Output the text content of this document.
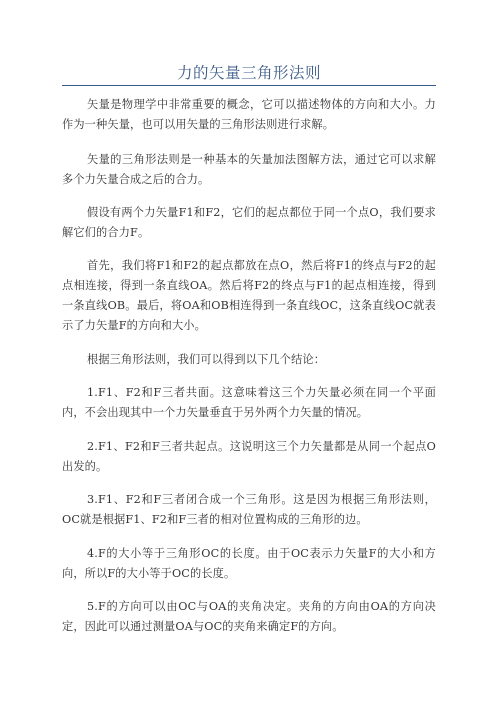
力的矢量三角形法则

矢量是物理学中非常重要的概念，它可以描述物体的方向和大小。力作为一种矢量，也可以用矢量的三角形法则进行求解。

矢量的三角形法则是一种基本的矢量加法图解方法，通过它可以求解多个力矢量合成之后的合力。

假设有两个力矢量F1和F2，它们的起点都位于同一个点O，我们要求解它们的合力F。

首先，我们将F1和F2的起点都放在点O，然后将F1的终点与F2的起点相连接，得到一条直线OA。然后将F2的终点与F1的起点相连接，得到一条直线OB。最后，将OA和OB相连得到一条直线OC，这条直线OC就表示了力矢量F的方向和大小。

根据三角形法则，我们可以得到以下几个结论：

1.F1、F2和F三者共面。这意味着这三个力矢量必须在同一个平面内，不会出现其中一个力矢量垂直于另外两个力矢量的情况。

2.F1、F2和F三者共起点。这说明这三个力矢量都是从同一个起点O出发的。

3.F1、F2和F三者闭合成一个三角形。这是因为根据三角形法则，OC就是根据F1、F2和F三者的相对位置构成的三角形的边。

4.F的大小等于三角形OC的长度。由于OC表示力矢量F的大小和方向，所以F的大小等于OC的长度。

5.F的方向可以由OC与OA的夹角决定。夹角的方向由OA的方向决定，因此可以通过测量OA与OC的夹角来确定F的方向。
